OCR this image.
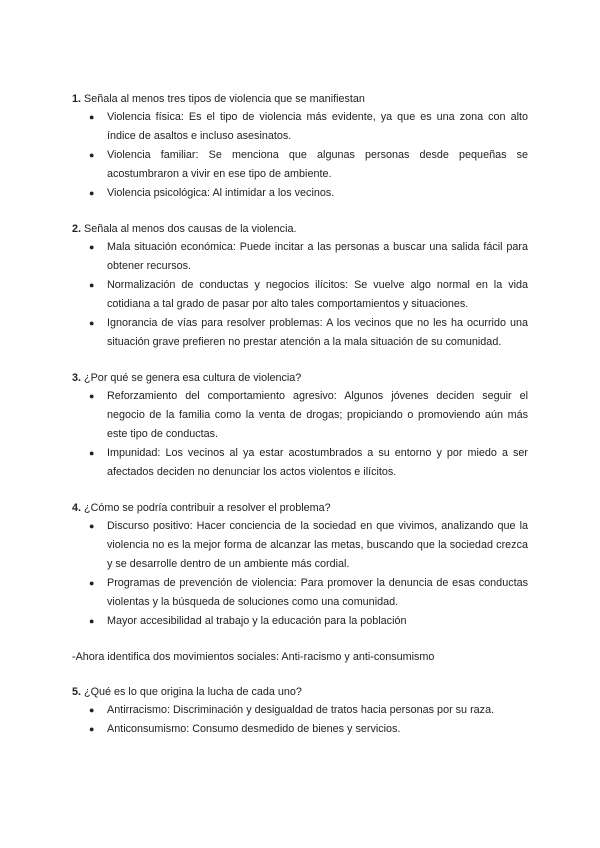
1. Señala al menos tres tipos de violencia que se manifiestan

● Violencia física: Es el tipo de violencia más evidente, ya que es una zona con alto índice de asaltos e incluso asesinatos.
● Violencia familiar: Se menciona que algunas personas desde pequeñas se acostumbraron a vivir en ese tipo de ambiente.
● Violencia psicológica: Al intimidar a los vecinos.

2. Señala al menos dos causas de la violencia.

● Mala situación económica: Puede incitar a las personas a buscar una salida fácil para obtener recursos.
● Normalización de conductas y negocios ilícitos: Se vuelve algo normal en la vida cotidiana a tal grado de pasar por alto tales comportamientos y situaciones.
● Ignorancia de vías para resolver problemas: A los vecinos que no les ha ocurrido una situación grave prefieren no prestar atención a la mala situación de su comunidad.

3. ¿Por qué se genera esa cultura de violencia?

● Reforzamiento del comportamiento agresivo: Algunos jóvenes deciden seguir el negocio de la familia como la venta de drogas; propiciando o promoviendo aún más este tipo de conductas.
● Impunidad: Los vecinos al ya estar acostumbrados a su entorno y por miedo a ser afectados deciden no denunciar los actos violentos e ilícitos.

4. ¿Cómo se podría contribuir a resolver el problema?

● Discurso positivo: Hacer conciencia de la sociedad en que vivimos, analizando que la violencia no es la mejor forma de alcanzar las metas, buscando que la sociedad crezca y se desarrolle dentro de un ambiente más cordial.
● Programas de prevención de violencia: Para promover la denuncia de esas conductas violentas y la búsqueda de soluciones como una comunidad.
● Mayor accesibilidad al trabajo y la educación para la población

-Ahora identifica dos movimientos sociales: Anti-racismo y anti-consumismo

5. ¿Qué es lo que origina la lucha de cada uno?

● Antirracismo: Discriminación y desigualdad de tratos hacia personas por su raza.
● Anticonsumismo: Consumo desmedido de bienes y servicios.
